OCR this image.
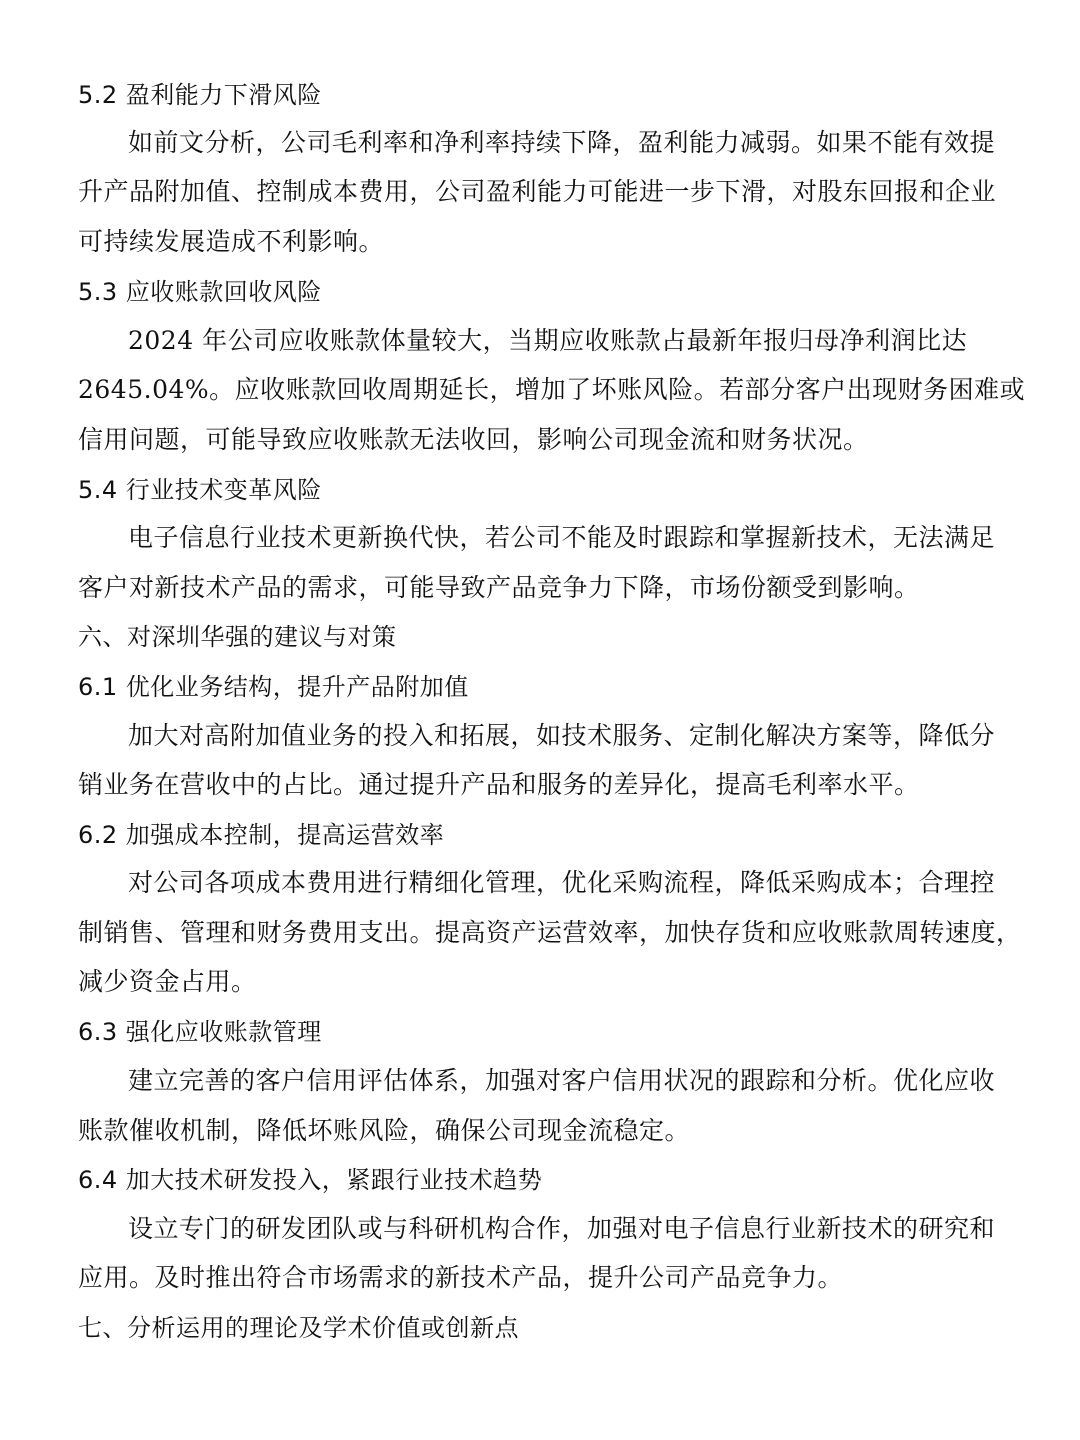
5.2 盈利能力下滑风险
如前文分析，公司毛利率和净利率持续下降，盈利能力减弱。如果不能有效提
升产品附加值、控制成本费用，公司盈利能力可能进一步下滑，对股东回报和企业
可持续发展造成不利影响。
5.3 应收账款回收风险
2024 年公司应收账款体量较大，当期应收账款占最新年报归母净利润比达
2645.04%。应收账款回收周期延长，增加了坏账风险。若部分客户出现财务困难或
信用问题，可能导致应收账款无法收回，影响公司现金流和财务状况。
5.4 行业技术变革风险
电子信息行业技术更新换代快，若公司不能及时跟踪和掌握新技术，无法满足
客户对新技术产品的需求，可能导致产品竞争力下降，市场份额受到影响。
六、对深圳华强的建议与对策
6.1 优化业务结构，提升产品附加值
加大对高附加值业务的投入和拓展，如技术服务、定制化解决方案等，降低分
销业务在营收中的占比。通过提升产品和服务的差异化，提高毛利率水平。
6.2 加强成本控制，提高运营效率
对公司各项成本费用进行精细化管理，优化采购流程，降低采购成本；合理控
制销售、管理和财务费用支出。提高资产运营效率，加快存货和应收账款周转速度，
减少资金占用。
6.3 强化应收账款管理
建立完善的客户信用评估体系，加强对客户信用状况的跟踪和分析。优化应收
账款催收机制，降低坏账风险，确保公司现金流稳定。
6.4 加大技术研发投入，紧跟行业技术趋势
设立专门的研发团队或与科研机构合作，加强对电子信息行业新技术的研究和
应用。及时推出符合市场需求的新技术产品，提升公司产品竞争力。
七、分析运用的理论及学术价值或创新点
